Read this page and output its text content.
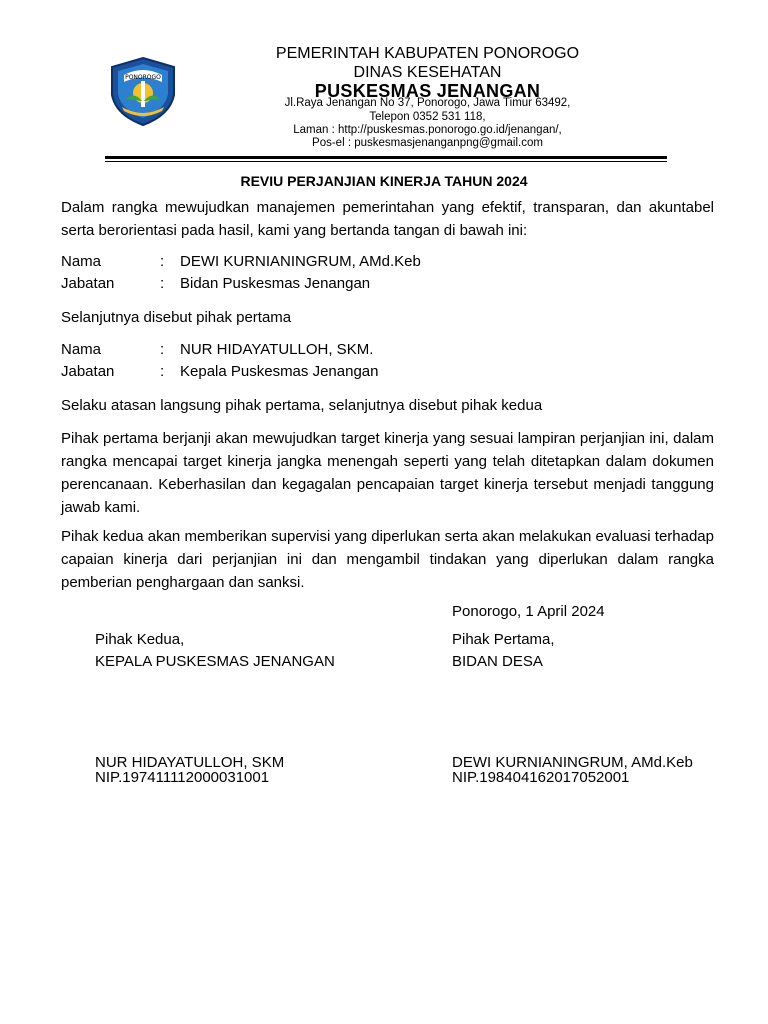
PONOROGO
PEMERINTAH KABUPATEN PONOROGO
DINAS KESEHATAN
PUSKESMAS JENANGAN
Jl.Raya Jenangan No 37, Ponorogo, Jawa Timur 63492,
Telepon 0352 531 118,
Laman : http://puskesmas.ponorogo.go.id/jenangan/,
Pos-el : puskesmasjenanganpng@gmail.com
REVIU PERJANJIAN KINERJA TAHUN 2024
Dalam rangka mewujudkan manajemen pemerintahan yang efektif, transparan, dan akuntabel serta berorientasi pada hasil, kami yang bertanda tangan di bawah ini:
Nama	: DEWI KURNIANINGRUM, AMd.Keb
Jabatan	: Bidan Puskesmas Jenangan
Selanjutnya disebut pihak pertama
Nama	: NUR HIDAYATULLOH, SKM.
Jabatan	: Kepala Puskesmas Jenangan
Selaku atasan langsung pihak pertama, selanjutnya disebut pihak kedua
Pihak pertama berjanji akan mewujudkan target kinerja yang sesuai lampiran perjanjian ini, dalam rangka mencapai target kinerja jangka menengah seperti yang telah ditetapkan dalam dokumen perencanaan. Keberhasilan dan kegagalan pencapaian target kinerja tersebut menjadi tanggung jawab kami.
Pihak kedua akan memberikan supervisi yang diperlukan serta akan melakukan evaluasi terhadap capaian kinerja dari perjanjian ini dan mengambil tindakan yang diperlukan dalam rangka pemberian penghargaan dan sanksi.
Ponorogo, 1 April 2024
Pihak Kedua,
KEPALA PUSKESMAS JENANGAN
NUR HIDAYATULLOH, SKM
NIP.197411112000031001
Pihak Pertama,
BIDAN DESA
DEWI KURNIANINGRUM, AMd.Keb
NIP.198404162017052001
